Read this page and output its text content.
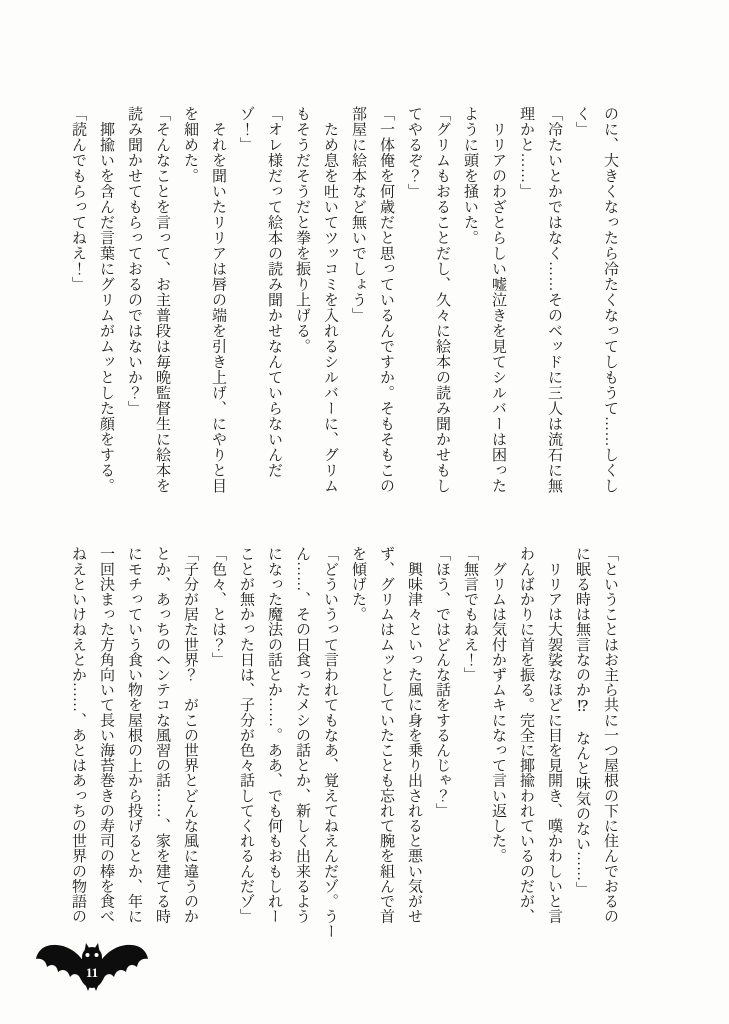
のに、大きくなったら冷たくなってしもうて……しくし

く」

「冷たいとかではなく……そのベッドに三人は流石に無

理かと……」

　リリアのわざとらしい嘘泣きを見てシルバーは困った

ように頭を掻いた。

「グリムもおることだし、久々に絵本の読み聞かせもし

てやるぞ？」

「一体俺を何歳だと思っているんですか。そもそもこの

部屋に絵本など無いでしょう」

　ため息を吐いてツッコミを入れるシルバーに、グリム

もそうだそうだと拳を振り上げる。

「オレ様だって絵本の読み聞かせなんていらないんだ

ゾ！」

　それを聞いたリリアは唇の端を引き上げ、にやりと目

を細めた。

「そんなことを言って、お主普段は毎晩監督生に絵本を

読み聞かせてもらっておるのではないか？」

　揶揄いを含んだ言葉にグリムがムッとした顔をする。

「読んでもらってねえ！」

「ということはお主ら共に一つ屋根の下に住んでおるの

に眠る時は無言なのか⁉　なんと味気のない……」

　リリアは大袈裟なほどに目を見開き、嘆かわしいと言

わんばかりに首を振る。完全に揶揄われているのだが、

　グリムは気付かずムキになって言い返した。

「無言でもねえ！」

「ほう、ではどんな話をするんじゃ？」

　興味津々といった風に身を乗り出されると悪い気がせ

ず、グリムはムッとしていたことも忘れて腕を組んで首

を傾げた。

「どういうって言われてもなあ、覚えてねえんだゾ。うー

ん……、その日食ったメシの話とか、新しく出来るよう

になった魔法の話とか……。ああ、でも何もおもしれー

ことが無かった日は、子分が色々話してくれるんだゾ」

「色々、とは？」

「子分が居た世界？　がこの世界とどんな風に違うのか

とか、あっちのヘンテコな風習の話……、家を建てる時

にモチっていう食い物を屋根の上から投げるとか、年に

一回決まった方角向いて長い海苔巻きの寿司の棒を食べ

ねえといけねえとか……、あとはあっちの世界の物語の

11
